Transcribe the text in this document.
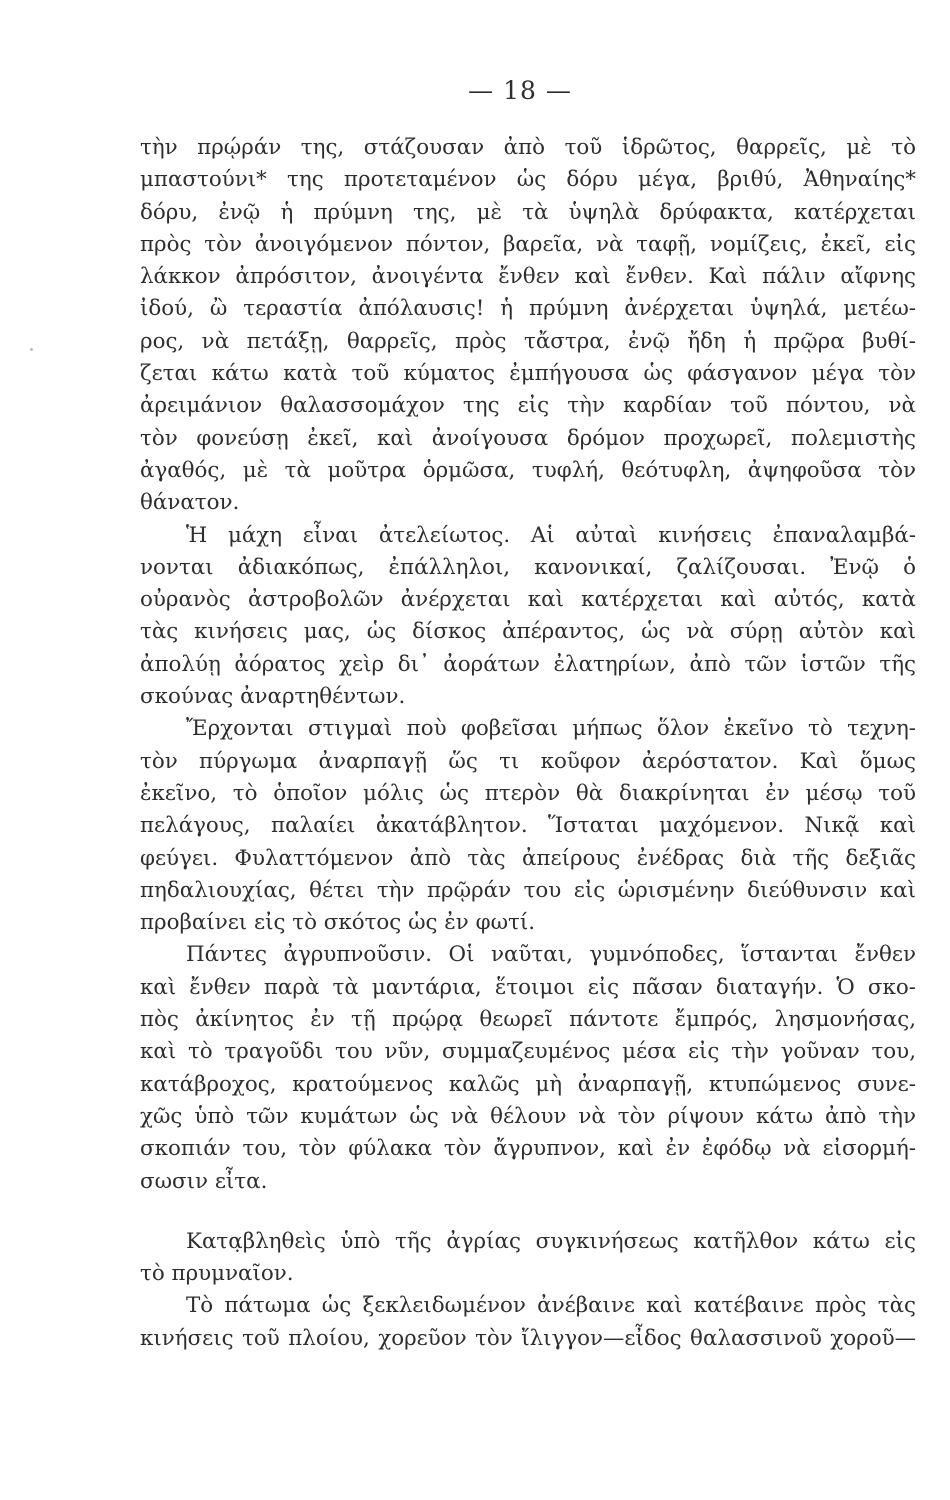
— 18 —
τὴν πρῴράν της, στάζουσαν ἀπὸ τοῦ ἱδρῶτος, θαρρεῖς, μὲ τὸ
μπαστούνι* της προτεταμένον ὡς δόρυ μέγα, βριθύ, Ἀθηναίης*
δόρυ, ἐνῷ ἡ πρύμνη της, μὲ τὰ ὑψηλὰ δρύφακτα, κατέρχεται
πρὸς τὸν ἀνοιγόμενον πόντον, βαρεῖα, νὰ ταφῇ, νομίζεις, ἐκεῖ, εἰς
λάκκον ἀπρόσιτον, ἀνοιγέντα ἔνθεν καὶ ἔνθεν. Καὶ πάλιν αἴφνης
ἰδού, ὢ τεραστία ἀπόλαυσις! ἡ πρύμνη ἀνέρχεται ὑψηλά, μετέω-
ρος, νὰ πετάξῃ, θαρρεῖς, πρὸς τἄστρα, ἐνῷ ἤδη ἡ πρῷρα βυθί-
ζεται κάτω κατὰ τοῦ κύματος ἐμπήγουσα ὡς φάσγανον μέγα τὸν
ἀρειμάνιον θαλασσομάχον της εἰς τὴν καρδίαν τοῦ πόντου, νὰ
τὸν φονεύσῃ ἐκεῖ, καὶ ἀνοίγουσα δρόμον προχωρεῖ, πολεμιστὴς
ἀγαθός, μὲ τὰ μοῦτρα ὁρμῶσα, τυφλή, θεότυφλη, ἀψηφοῦσα τὸν
θάνατον.
Ἡ μάχη εἶναι ἀτελείωτος. Αἱ αὐταὶ κινήσεις ἐπαναλαμβά-
νονται ἀδιακόπως, ἐπάλληλοι, κανονικαί, ζαλίζουσαι. Ἐνῷ ὁ
οὐρανὸς ἀστροβολῶν ἀνέρχεται καὶ κατέρχεται καὶ αὐτός, κατὰ
τὰς κινήσεις μας, ὡς δίσκος ἀπέραντος, ὡς νὰ σύρῃ αὐτὸν καὶ
ἀπολύῃ ἀόρατος χεὶρ δι᾽ ἀοράτων ἐλατηρίων, ἀπὸ τῶν ἱστῶν τῆς
σκούνας ἀναρτηθέντων.
Ἔρχονται στιγμαὶ ποὺ φοβεῖσαι μήπως ὅλον ἐκεῖνο τὸ τεχνη-
τὸν πύργωμα ἀναρπαγῇ ὥς τι κοῦφον ἀερόστατον. Καὶ ὅμως
ἐκεῖνο, τὸ ὁποῖον μόλις ὡς πτερὸν θὰ διακρίνηται ἐν μέσῳ τοῦ
πελάγους, παλαίει ἀκατάβλητον. Ἵσταται μαχόμενον. Νικᾷ καὶ
φεύγει. Φυλαττόμενον ἀπὸ τὰς ἀπείρους ἐνέδρας διὰ τῆς δεξιᾶς
πηδαλιουχίας, θέτει τὴν πρῷράν του εἰς ὡρισμένην διεύθυνσιν καὶ
προβαίνει εἰς τὸ σκότος ὡς ἐν φωτί.
Πάντες ἀγρυπνοῦσιν. Οἱ ναῦται, γυμνόποδες, ἵστανται ἔνθεν
καὶ ἔνθεν παρὰ τὰ μαντάρια, ἕτοιμοι εἰς πᾶσαν διαταγήν. Ὁ σκο-
πὸς ἀκίνητος ἐν τῇ πρῴρᾳ θεωρεῖ πάντοτε ἔμπρός, λησμονήσας,
καὶ τὸ τραγοῦδι του νῦν, συμμαζευμένος μέσα εἰς τὴν γοῦναν του,
κατάβροχος, κρατούμενος καλῶς μὴ ἀναρπαγῇ, κτυπώμενος συνε-
χῶς ὑπὸ τῶν κυμάτων ὡς νὰ θέλουν νὰ τὸν ρίψουν κάτω ἀπὸ τὴν
σκοπιάν του, τὸν φύλακα τὸν ἄγρυπνον, καὶ ἐν ἐφόδῳ νὰ εἰσορμή-
σωσιν εἶτα.
Κατα̣βληθεὶς ὑπὸ τῆς ἀγρίας συγκινήσεως κατῆλθον κάτω εἰς
τὸ πρυμναῖον.
Τὸ πάτωμα ὡς ξεκλειδωμένον ἀνέβαινε καὶ κατέβαινε πρὸς τὰς
κινήσεις τοῦ πλοίου, χορεῦον τὸν ἴλιγγον—εἶδος θαλασσινοῦ χοροῦ—
